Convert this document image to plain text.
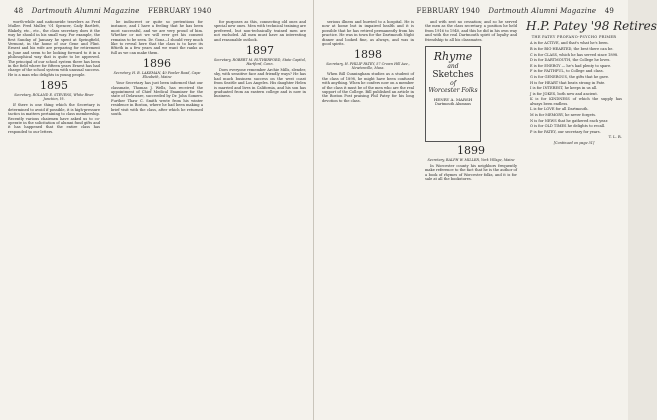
48 Dartmouth Alumni Magazine FEBRUARY 1940

worth-while and nationwide travelers as Fred Muller. Fred Muller, '01 Spencer, Cady Bartlett, Blakely, etc., etc., the class secretary does it the way he should in his small way. For example, the first Sunday of January he spent at Springfield, Vermont, in the home of our Gene and Flint. Ernest and his wife are preparing for retirement in June and seem to be looking forward to it in a philosophical way that is quite to be approved. The principal of our school system there has been in the field where for fifteen years Ernest has had charge of the school system with unusual success. He is a man who delights in young people.

1895
Secretary, ROLAND E. STEVENS, White River Junction, Vt.

If there is one thing which the Secretary is determined to avoid if possible, it is high-pressure tactics in matters pertaining to class membership. Recently various chairmen have asked us to co-operate in the solicitation of alumni fund gifts and it has happened that the entire class has responded to our letters.

be indiscreet or quite so pretentious for instance, and I have a feeling that he has been most successful, and we are very proud of him. Whether or not we will ever get his consent remains to be seen. Dr. Gonz—I should very much like to reveal here that the class is to have its fiftieth in a few years and we want the ranks as full as we can make them.

1896
Secretary, H. B. LAKEMAN, 40 Fowler Road, Cape Elizabeth, Maine

Your Secretary has just been informed that our classmate, Thomas J. Wells, has received the appointment of Chief Medical Examiner for the state of Delaware, succeeded by Dr. John Somers. Further Thaw C. Smith wrote from his winter residence in Boston, where he had been making a brief visit with the class, after which he returned south.

for purposes as this, connecting old ones and special new ones. Men with technical training are preferred, but non-technically trained men are not excluded. All men must have an interesting and reasonable outlook.

1897
Secretary, ROBERT M. RUTHERFORD, State Capitol, Hartford, Conn.

Does everyone remember Archie Mills, slender, shy, with sensitive face and friendly ways? He has had much business success on the west coast from Seattle and Los Angeles. His daughter Helen is married and lives in California, and his son has graduated from an eastern college and is now in business.

FEBRUARY 1940 Dartmouth Alumni Magazine 49

serious illness and hurried to a hospital. He is now at home but in impaired health and it is possible that he has retired permanently from his practice. He was in town for the Dartmouth Night dinner and looked fine, as always, and was in good spirits.

1898
Secretary, H. PHILIP PATEY, 57 Crown Hill Ave., Newtonville, Mass.

When Bill Cunningham studies as a student of the class of 1898, he might have been confused with anything. When he confers now on a member of the class it must be of the men who are the real support of the College. Bill published an article in the Boston Post praising Phil Patey for his long devotion to the class.

and with zest no cessation; and so he served the men as the class secretary, a position he held from 1916 to 1940, and this he did in his own way and with the real Dartmouth spirit of loyalty and friendship to all his classmates.

Rhyme
and
Sketches
of
Worcester Folks
HENRY A. MARSH
Dartmouth Alumnus
1899
Secretary, RALPH W. MILLER, York Village, Maine

In Worcester county his neighbors frequently make reference to the fact that he is the author of a book of rhymes of Worcester folks, and it is for sale at all the bookstores.

H.P. Patey '98 Retires
THE PATEY PROFANO-PSYCHO PRIMER

A is for ACTIVE, and that's what he's been.

B is for BIG-HEARTED, the best there can be.

C is for CLASS, which he has served since 1898.

D is for DARTMOUTH, the College he loves.

E is for ENERGY — he's had plenty to spare.

F is for FAITHFUL, to College and class.

G is for GENEROUS, the gifts that he gave.

H is for HEART that beats strong in Pate.

I is for INTEREST, he keeps in us all.

J is for JOKES, both new and ancient.

K is for KINDNESS of which the supply has always been endless.

L is for LOVE for all Dartmouth.

M is for MEMORY, he never forgets.

N is for NEWS that he gathered each year.

O is for OLD TIMES he delights to recall.

P is for PATEY, our secretary for years.

T. L. R.

[Continued on page 51]
